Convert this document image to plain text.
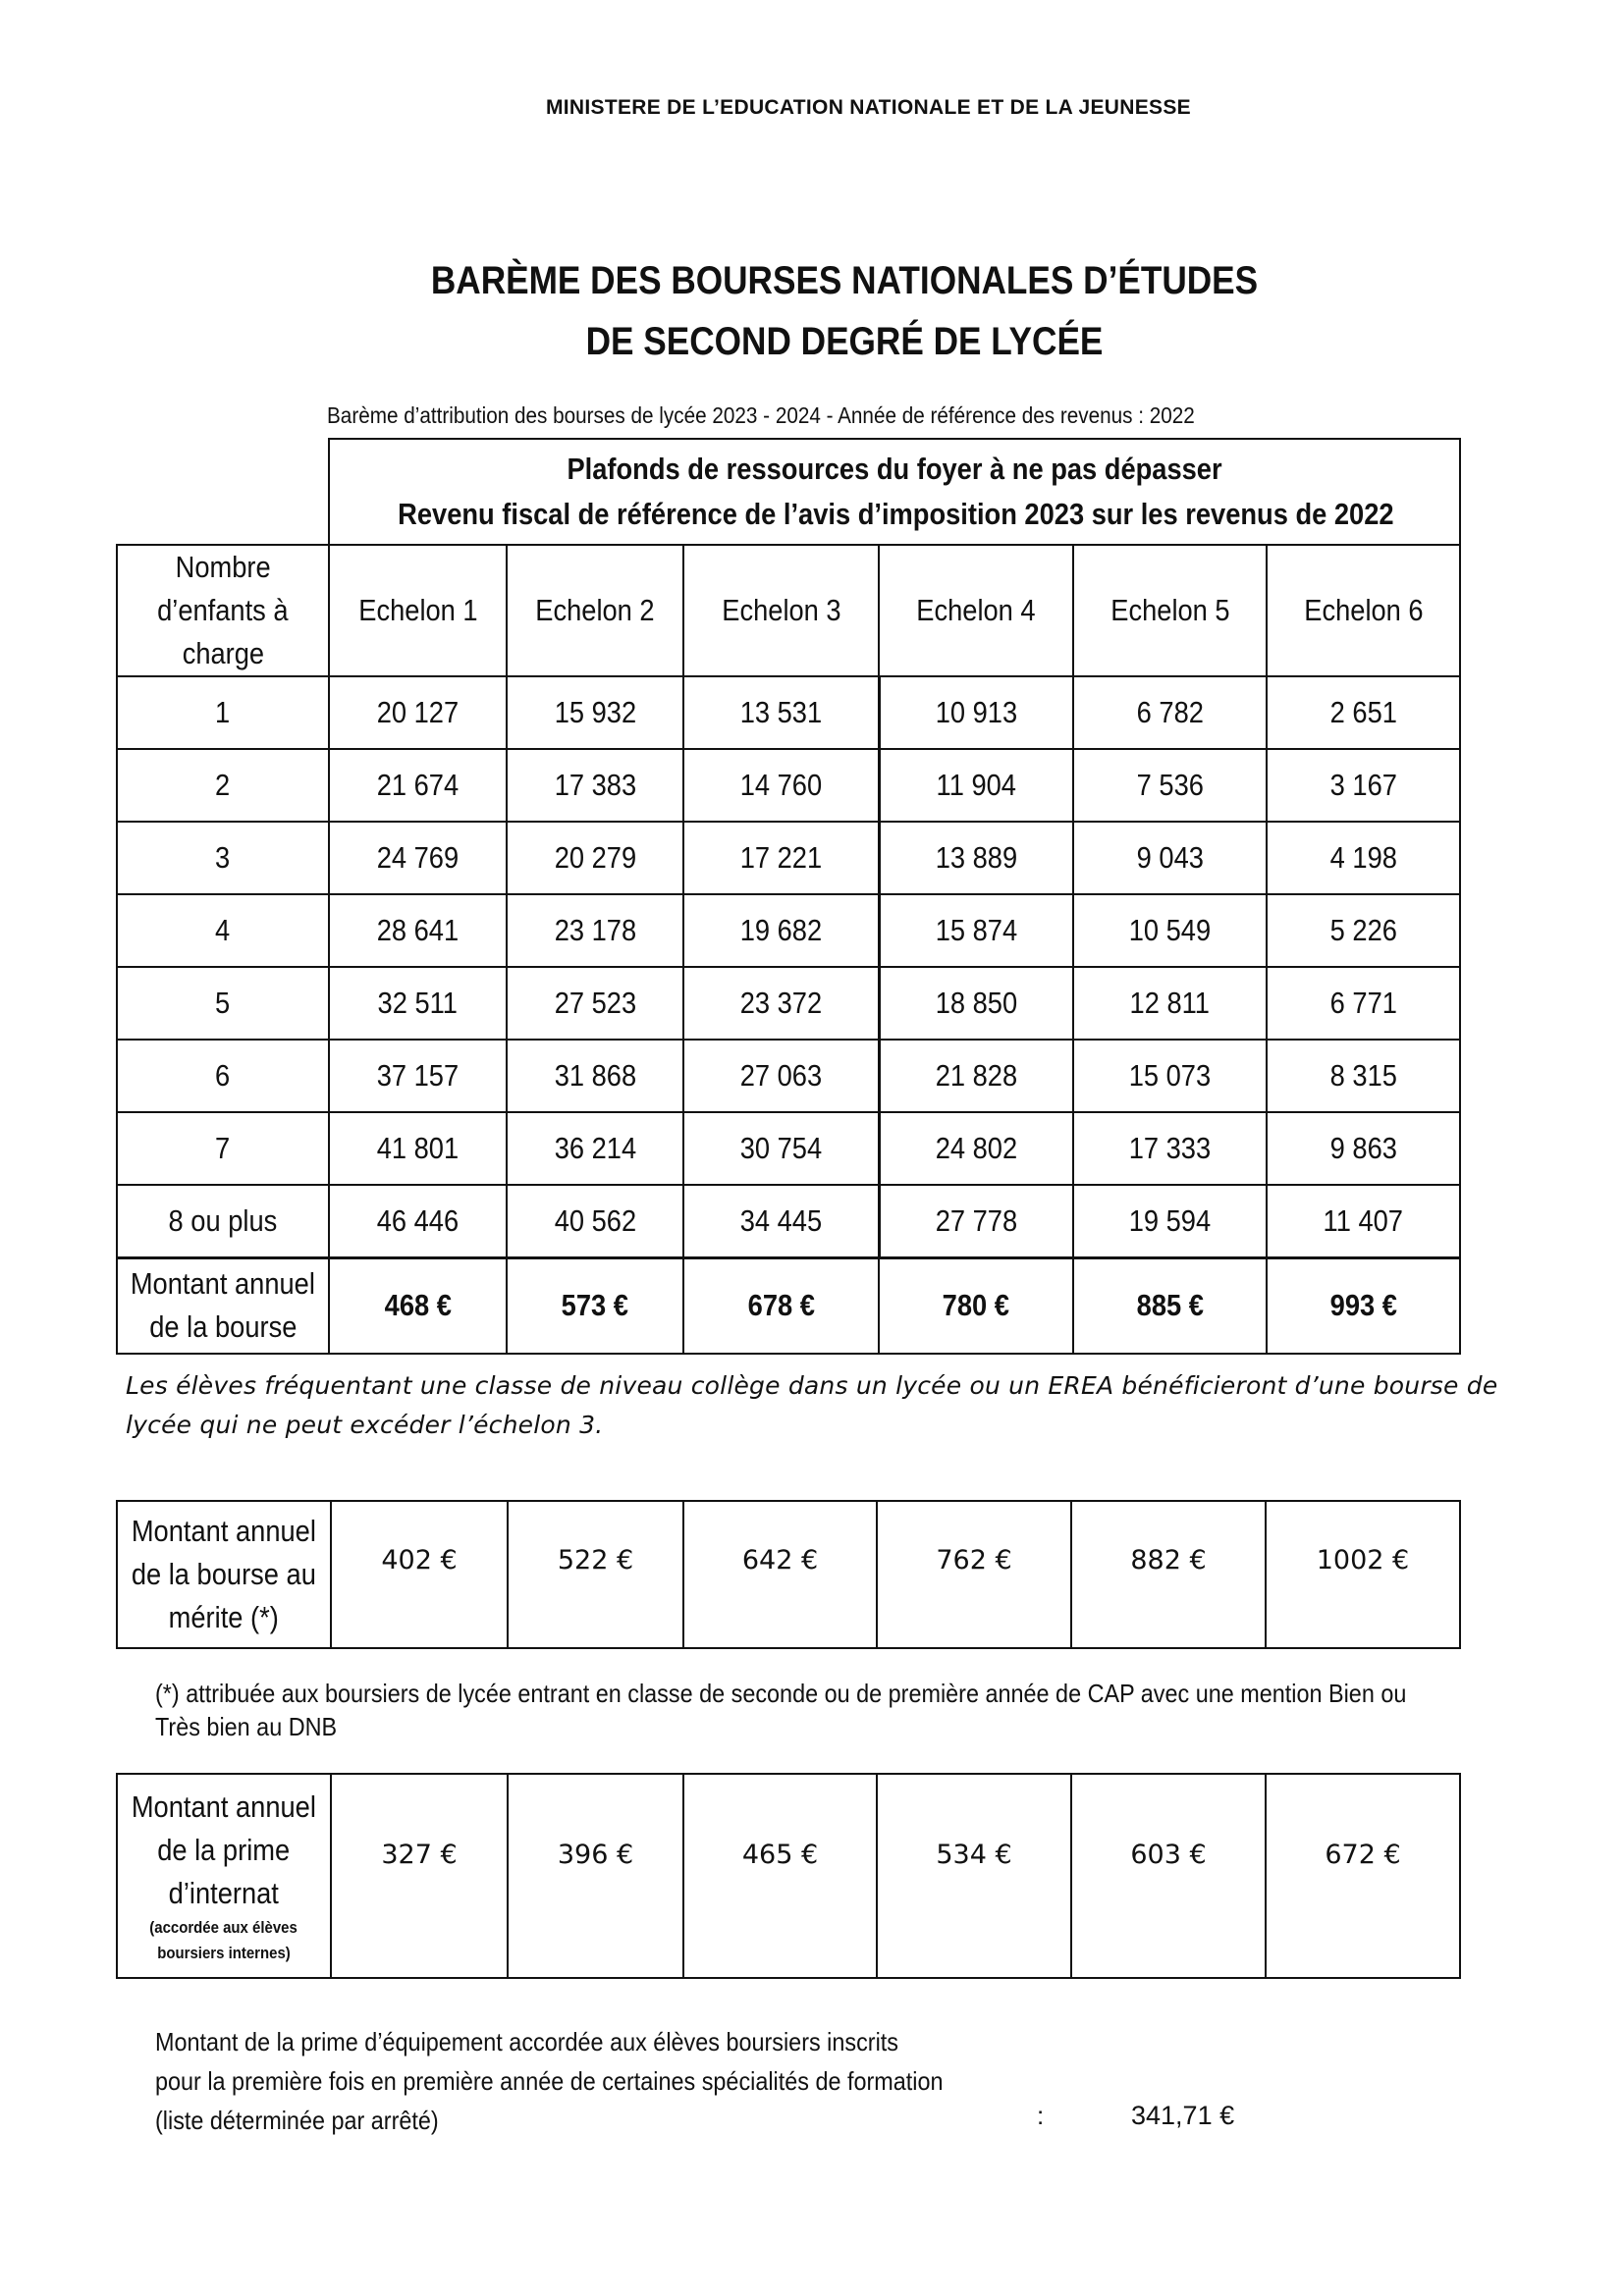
MINISTERE DE L’EDUCATION NATIONALE ET DE LA JEUNESSE
BARÈME DES BOURSES NATIONALES D’ÉTUDES
DE SECOND DEGRÉ DE LYCÉE
Barème d’attribution des bourses de lycée 2023 - 2024 - Année de référence des revenus : 2022
	Plafonds de ressources du foyer à ne pas dépasser
Revenu fiscal de référence de l’avis d’imposition 2023 sur les revenus de 2022					
Nombre
d’enfants à
charge	Echelon 1	Echelon 2	Echelon 3	Echelon 4	Echelon 5	Echelon 6
1	20 127	15 932	13 531	10 913	6 782	2 651
2	21 674	17 383	14 760	11 904	7 536	3 167
3	24 769	20 279	17 221	13 889	9 043	4 198
4	28 641	23 178	19 682	15 874	10 549	5 226
5	32 511	27 523	23 372	18 850	12 811	6 771
6	37 157	31 868	27 063	21 828	15 073	8 315
7	41 801	36 214	30 754	24 802	17 333	9 863
8 ou plus	46 446	40 562	34 445	27 778	19 594	11 407
Montant annuel
de la bourse	468 €	573 €	678 €	780 €	885 €	993 €
Les élèves fréquentant une classe de niveau collège dans un lycée ou un EREA bénéficieront d’une bourse de
lycée qui ne peut excéder l’échelon 3.
Montant annuel
de la bourse au
mérite (*)	402 €	522 €	642 €	762 €	882 €	1002 €
(*) attribuée aux boursiers de lycée entrant en classe de seconde ou de première année de CAP avec une mention Bien ou
Très bien au DNB
Montant annuel
de la prime
d’internat
(accordée aux élèves
boursiers internes)
	327 €	396 €	465 €	534 €	603 €	672 €
Montant de la prime d’équipement accordée aux élèves boursiers inscrits
pour la première fois en première année de certaines spécialités de formation
(liste déterminée par arrêté)	:	341,71 €
